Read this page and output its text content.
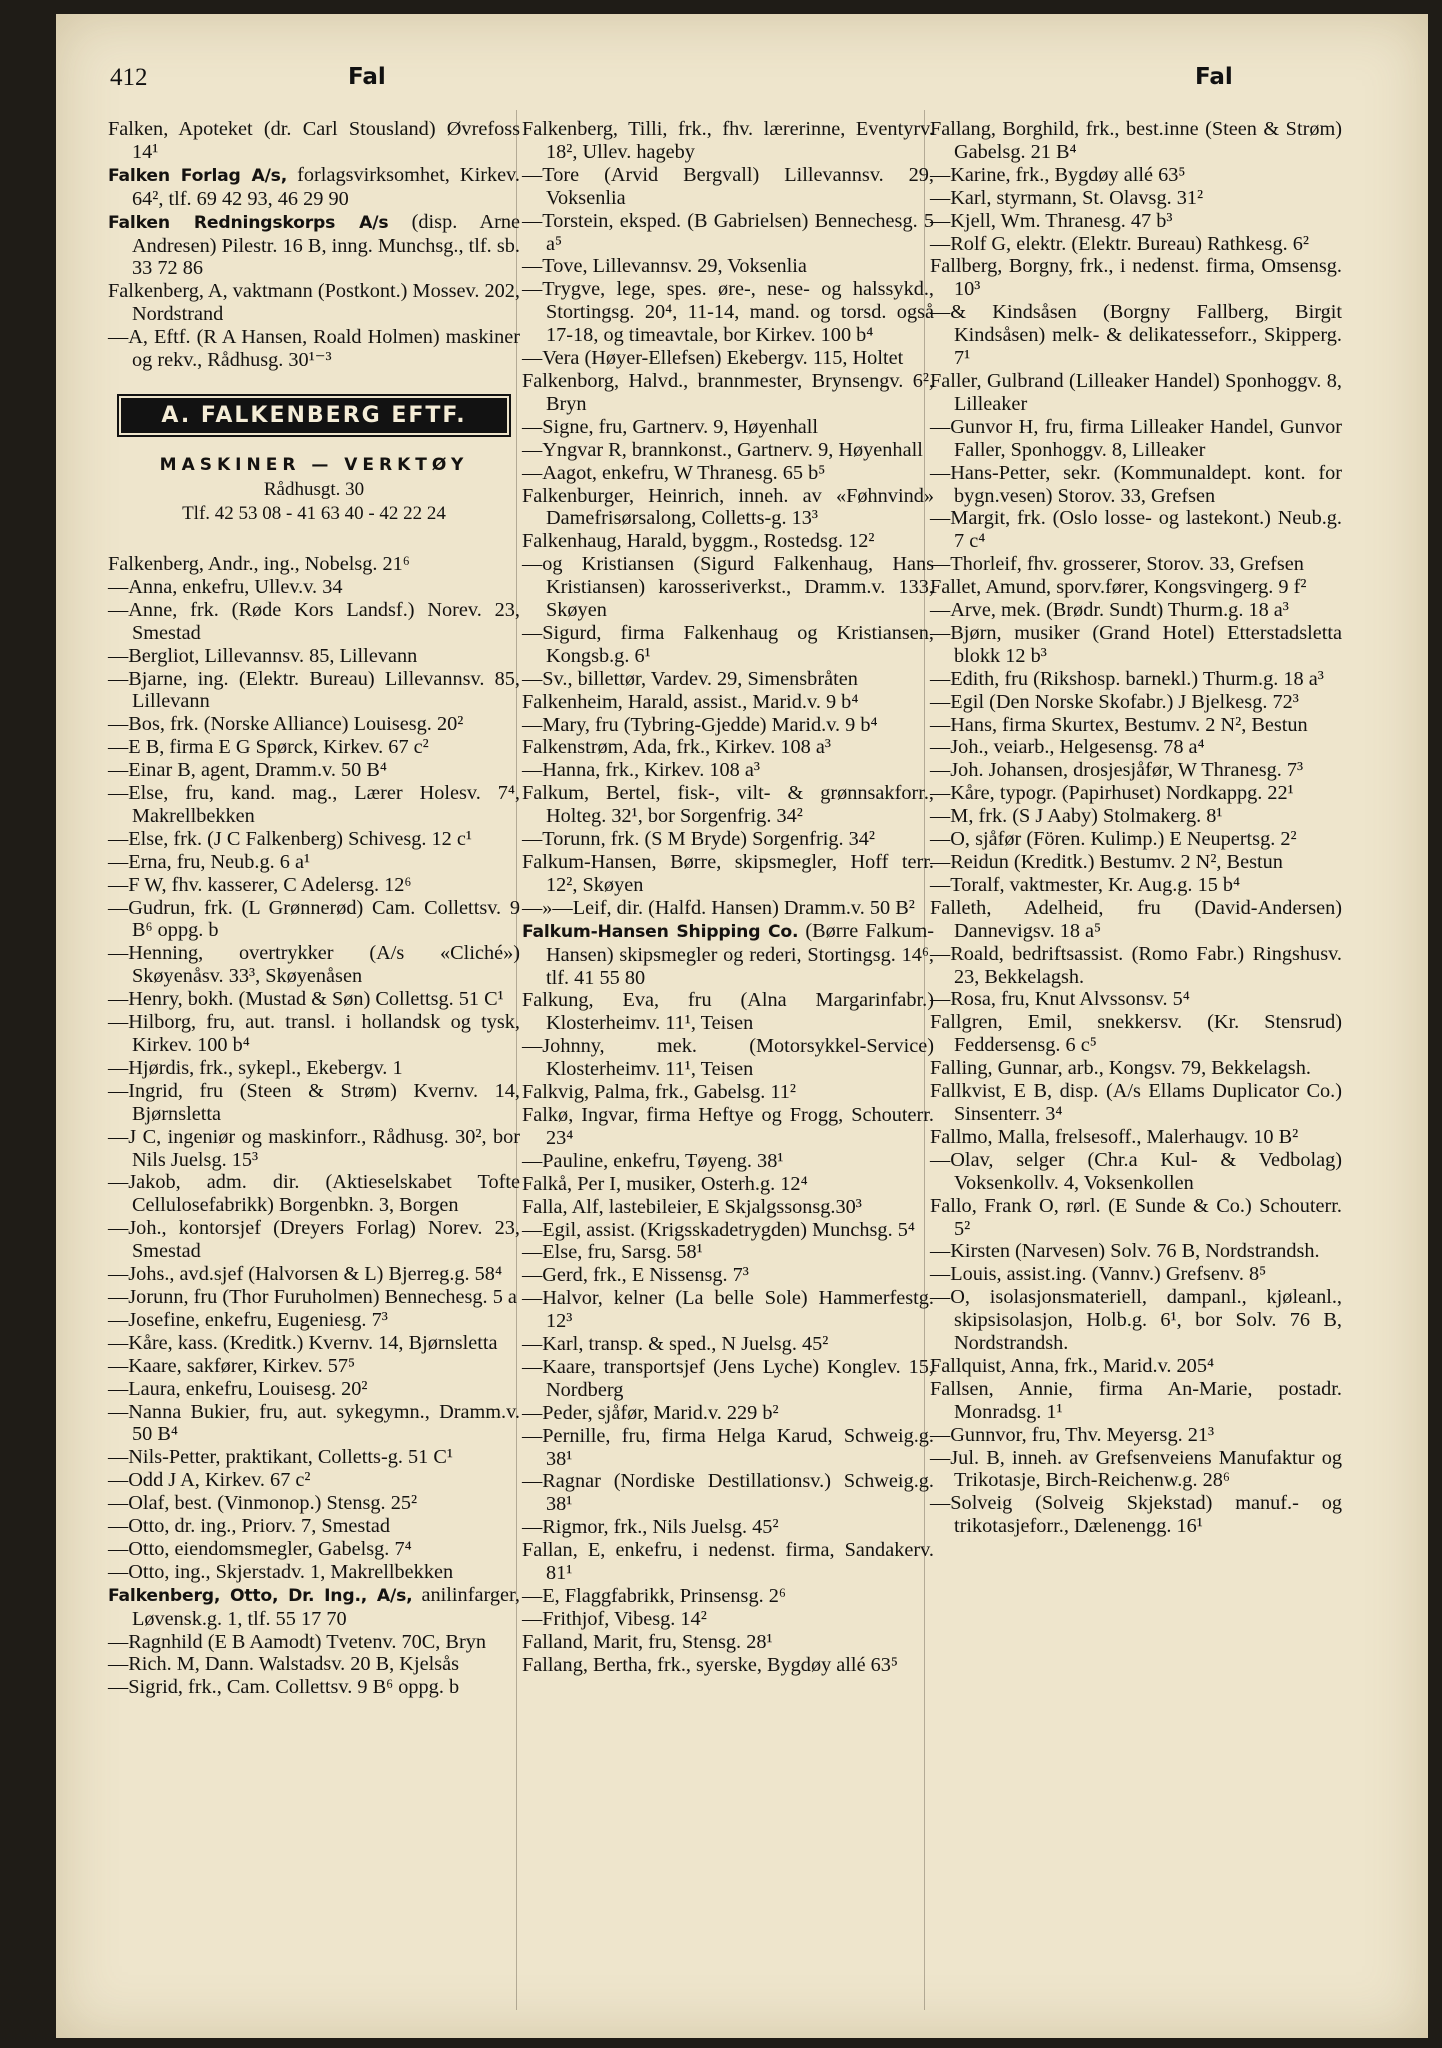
412	Fal	Fal

Falken, Apoteket (dr. Carl Stousland) Øvrefoss 14¹

Falken Forlag A/s, forlagsvirksomhet, Kirkev. 64², tlf. 69 42 93, 46 29 90

Falken Redningskorps A/s (disp. Arne Andresen) Pilestr. 16 B, inng. Munchsg., tlf. sb. 33 72 86

Falkenberg, A, vaktmann (Postkont.) Mossev. 202, Nordstrand

—A, Eftf. (R A Hansen, Roald Holmen) maskiner og rekv., Rådhusg. 30¹⁻³

A. FALKENBERG EFTF.
MASKINER — VERKTØY
Rådhusgt. 30
Tlf. 42 53 08 - 41 63 40 - 42 22 24

Falkenberg, Andr., ing., Nobelsg. 21⁶

—Anna, enkefru, Ullev.v. 34

—Anne, frk. (Røde Kors Landsf.) Norev. 23, Smestad

—Bergliot, Lillevannsv. 85, Lillevann

—Bjarne, ing. (Elektr. Bureau) Lillevannsv. 85, Lillevann

—Bos, frk. (Norske Alliance) Louisesg. 20²

—E B, firma E G Spørck, Kirkev. 67 c²

—Einar B, agent, Dramm.v. 50 B⁴

—Else, fru, kand. mag., Lærer Holesv. 7⁴, Makrellbekken

—Else, frk. (J C Falkenberg) Schivesg. 12 c¹

—Erna, fru, Neub.g. 6 a¹

—F W, fhv. kasserer, C Adelersg. 12⁶

—Gudrun, frk. (L Grønnerød) Cam. Collettsv. 9 B⁶ oppg. b

—Henning, overtrykker (A/s «Cliché») Skøyenåsv. 33³, Skøyenåsen

—Henry, bokh. (Mustad & Søn) Collettsg. 51 C¹

—Hilborg, fru, aut. transl. i hollandsk og tysk, Kirkev. 100 b⁴

—Hjørdis, frk., sykepl., Ekebergv. 1

—Ingrid, fru (Steen & Strøm) Kvernv. 14, Bjørnsletta

—J C, ingeniør og maskinforr., Rådhusg. 30², bor Nils Juelsg. 15³

—Jakob, adm. dir. (Aktieselskabet Tofte Cellulosefabrikk) Borgenbkn. 3, Borgen

—Joh., kontorsjef (Dreyers Forlag) Norev. 23, Smestad

—Johs., avd.sjef (Halvorsen & L) Bjerreg.g. 58⁴

—Jorunn, fru (Thor Furuholmen) Bennechesg. 5 a

—Josefine, enkefru, Eugeniesg. 7³

—Kåre, kass. (Kreditk.) Kvernv. 14, Bjørnsletta

—Kaare, sakfører, Kirkev. 57⁵

—Laura, enkefru, Louisesg. 20²

—Nanna Bukier, fru, aut. sykegymn., Dramm.v. 50 B⁴

—Nils-Petter, praktikant, Colletts-g. 51 C¹

—Odd J A, Kirkev. 67 c²

—Olaf, best. (Vinmonop.) Stensg. 25²

—Otto, dr. ing., Priorv. 7, Smestad

—Otto, eiendomsmegler, Gabelsg. 7⁴

—Otto, ing., Skjerstadv. 1, Makrellbekken

Falkenberg, Otto, Dr. Ing., A/s, anilinfarger, Løvensk.g. 1, tlf. 55 17 70

—Ragnhild (E B Aamodt) Tvetenv. 70C, Bryn

—Rich. M, Dann. Walstadsv. 20 B, Kjelsås

—Sigrid, frk., Cam. Collettsv. 9 B⁶ oppg. b

Falkenberg, Tilli, frk., fhv. lærerinne, Eventyrv. 18², Ullev. hageby

—Tore (Arvid Bergvall) Lillevannsv. 29, Voksenlia

—Torstein, eksped. (B Gabrielsen) Bennechesg. 5 a⁵

—Tove, Lillevannsv. 29, Voksenlia

—Trygve, lege, spes. øre-, nese- og halssykd., Stortingsg. 20⁴, 11-14, mand. og torsd. også 17-18, og timeavtale, bor Kirkev. 100 b⁴

—Vera (Høyer-Ellefsen) Ekebergv. 115, Holtet

Falkenborg, Halvd., brannmester, Brynsengv. 6², Bryn

—Signe, fru, Gartnerv. 9, Høyenhall

—Yngvar R, brannkonst., Gartnerv. 9, Høyenhall

—Aagot, enkefru, W Thranesg. 65 b⁵

Falkenburger, Heinrich, inneh. av «Føhnvind» Damefrisørsalong, Colletts-g. 13³

Falkenhaug, Harald, byggm., Rostedsg. 12²

—og Kristiansen (Sigurd Falkenhaug, Hans Kristiansen) karosseriverkst., Dramm.v. 133, Skøyen

—Sigurd, firma Falkenhaug og Kristiansen, Kongsb.g. 6¹

—Sv., billettør, Vardev. 29, Simensbråten

Falkenheim, Harald, assist., Marid.v. 9 b⁴

—Mary, fru (Tybring-Gjedde) Marid.v. 9 b⁴

Falkenstrøm, Ada, frk., Kirkev. 108 a³

—Hanna, frk., Kirkev. 108 a³

Falkum, Bertel, fisk-, vilt- & grønnsakforr., Holteg. 32¹, bor Sorgenfrig. 34²

—Torunn, frk. (S M Bryde) Sorgenfrig. 34²

Falkum-Hansen, Børre, skipsmegler, Hoff terr. 12², Skøyen

—»—Leif, dir. (Halfd. Hansen) Dramm.v. 50 B²

Falkum-Hansen Shipping Co. (Børre Falkum-Hansen) skipsmegler og rederi, Stortingsg. 14⁶, tlf. 41 55 80

Falkung, Eva, fru (Alna Margarinfabr.) Klosterheimv. 11¹, Teisen

—Johnny, mek. (Motorsykkel-Service) Klosterheimv. 11¹, Teisen

Falkvig, Palma, frk., Gabelsg. 11²

Falkø, Ingvar, firma Heftye og Frogg, Schouterr. 23⁴

—Pauline, enkefru, Tøyeng. 38¹

Falkå, Per I, musiker, Osterh.g. 12⁴

Falla, Alf, lastebileier, E Skjalgssonsg.30³

—Egil, assist. (Krigsskadetrygden) Munchsg. 5⁴

—Else, fru, Sarsg. 58¹

—Gerd, frk., E Nissensg. 7³

—Halvor, kelner (La belle Sole) Hammerfestg. 12³

—Karl, transp. & sped., N Juelsg. 45²

—Kaare, transportsjef (Jens Lyche) Konglev. 15, Nordberg

—Peder, sjåfør, Marid.v. 229 b²

—Pernille, fru, firma Helga Karud, Schweig.g. 38¹

—Ragnar (Nordiske Destillationsv.) Schweig.g. 38¹

—Rigmor, frk., Nils Juelsg. 45²

Fallan, E, enkefru, i nedenst. firma, Sandakerv. 81¹

—E, Flaggfabrikk, Prinsensg. 2⁶

—Frithjof, Vibesg. 14²

Falland, Marit, fru, Stensg. 28¹

Fallang, Bertha, frk., syerske, Bygdøy allé 63⁵

Fallang, Borghild, frk., best.inne (Steen & Strøm) Gabelsg. 21 B⁴

—Karine, frk., Bygdøy allé 63⁵

—Karl, styrmann, St. Olavsg. 31²

—Kjell, Wm. Thranesg. 47 b³

—Rolf G, elektr. (Elektr. Bureau) Rathkesg. 6²

Fallberg, Borgny, frk., i nedenst. firma, Omsensg. 10³

—& Kindsåsen (Borgny Fallberg, Birgit Kindsåsen) melk- & delikatesseforr., Skipperg. 7¹

Faller, Gulbrand (Lilleaker Handel) Sponhoggv. 8, Lilleaker

—Gunvor H, fru, firma Lilleaker Handel, Gunvor Faller, Sponhoggv. 8, Lilleaker

—Hans-Petter, sekr. (Kommunaldept. kont. for bygn.vesen) Storov. 33, Grefsen

—Margit, frk. (Oslo losse- og lastekont.) Neub.g. 7 c⁴

—Thorleif, fhv. grosserer, Storov. 33, Grefsen

Fallet, Amund, sporv.fører, Kongsvingerg. 9 f²

—Arve, mek. (Brødr. Sundt) Thurm.g. 18 a³

—Bjørn, musiker (Grand Hotel) Etterstadsletta blokk 12 b³

—Edith, fru (Rikshosp. barnekl.) Thurm.g. 18 a³

—Egil (Den Norske Skofabr.) J Bjelkesg. 72³

—Hans, firma Skurtex, Bestumv. 2 N², Bestun

—Joh., veiarb., Helgesensg. 78 a⁴

—Joh. Johansen, drosjesjåfør, W Thranesg. 7³

—Kåre, typogr. (Papirhuset) Nordkappg. 22¹

—M, frk. (S J Aaby) Stolmakerg. 8¹

—O, sjåfør (Fören. Kulimp.) E Neupertsg. 2²

—Reidun (Kreditk.) Bestumv. 2 N², Bestun

—Toralf, vaktmester, Kr. Aug.g. 15 b⁴

Falleth, Adelheid, fru (David-Andersen) Dannevigsv. 18 a⁵

—Roald, bedriftsassist. (Romo Fabr.) Ringshusv. 23, Bekkelagsh.

—Rosa, fru, Knut Alvssonsv. 5⁴

Fallgren, Emil, snekkersv. (Kr. Stensrud) Feddersensg. 6 c⁵

Falling, Gunnar, arb., Kongsv. 79, Bekkelagsh.

Fallkvist, E B, disp. (A/s Ellams Duplicator Co.) Sinsenterr. 3⁴

Fallmo, Malla, frelsesoff., Malerhaugv. 10 B²

—Olav, selger (Chr.a Kul- & Vedbolag) Voksenkollv. 4, Voksenkollen

Fallo, Frank O, rørl. (E Sunde & Co.) Schouterr. 5²

—Kirsten (Narvesen) Solv. 76 B, Nordstrandsh.

—Louis, assist.ing. (Vannv.) Grefsenv. 8⁵

—O, isolasjonsmateriell, dampanl., kjøleanl., skipsisolasjon, Holb.g. 6¹, bor Solv. 76 B, Nordstrandsh.

Fallquist, Anna, frk., Marid.v. 205⁴

Fallsen, Annie, firma An-Marie, postadr. Monradsg. 1¹

—Gunnvor, fru, Thv. Meyersg. 21³

—Jul. B, inneh. av Grefsenveiens Manufaktur og Trikotasje, Birch-Reichenw.g. 28⁶

—Solveig (Solveig Skjekstad) manuf.- og trikotasjeforr., Dælenengg. 16¹
